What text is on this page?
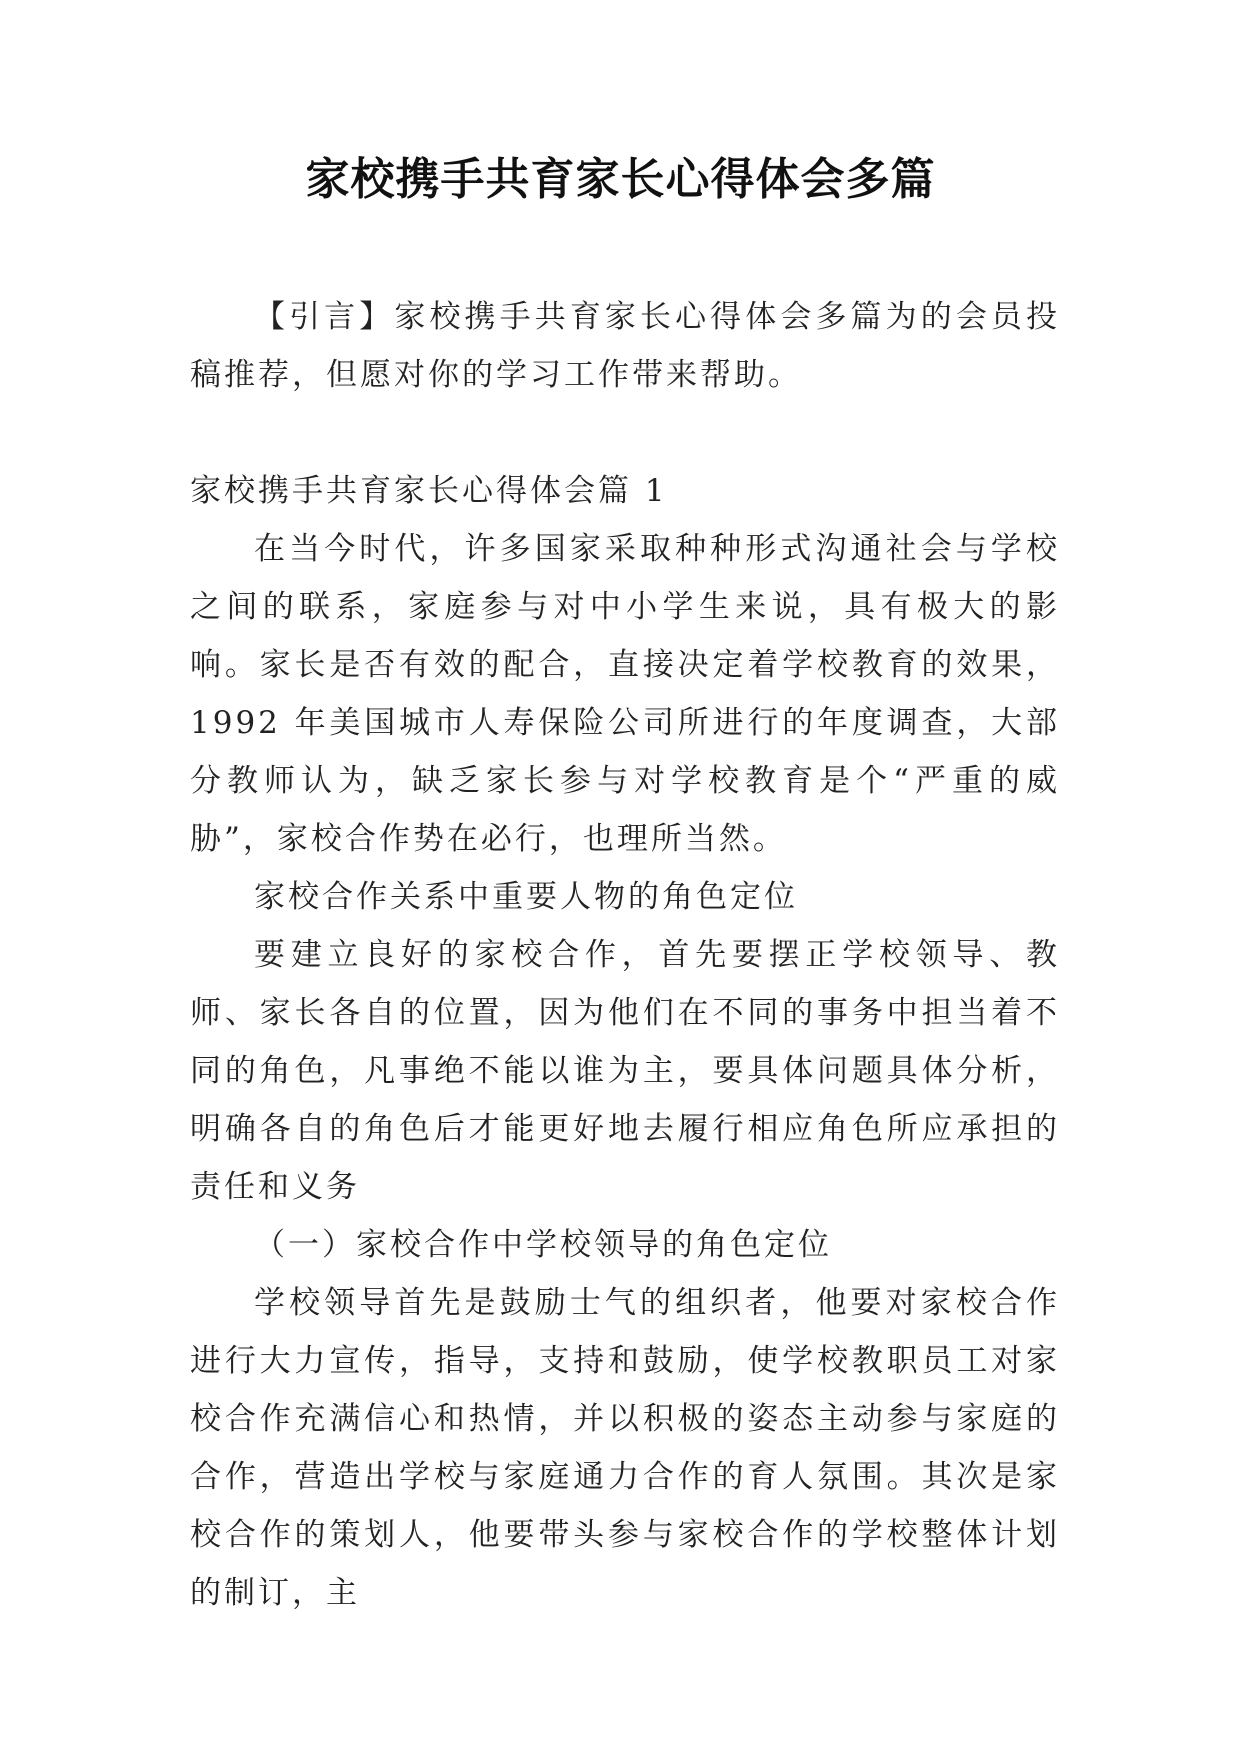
家校携手共育家长心得体会多篇

【引言】家校携手共育家长心得体会多篇为的会员投稿推荐，但愿对你的学习工作带来帮助。

家校携手共育家长心得体会篇 1

在当今时代，许多国家采取种种形式沟通社会与学校之间的联系，家庭参与对中小学生来说，具有极大的影响。家长是否有效的配合，直接决定着学校教育的效果，1992 年美国城市人寿保险公司所进行的年度调查，大部分教师认为，缺乏家长参与对学校教育是个“严重的威胁”，家校合作势在必行，也理所当然。

家校合作关系中重要人物的角色定位

要建立良好的家校合作，首先要摆正学校领导、教师、家长各自的位置，因为他们在不同的事务中担当着不同的角色，凡事绝不能以谁为主，要具体问题具体分析，明确各自的角色后才能更好地去履行相应角色所应承担的责任和义务

（一）家校合作中学校领导的角色定位

学校领导首先是鼓励士气的组织者，他要对家校合作进行大力宣传，指导，支持和鼓励，使学校教职员工对家校合作充满信心和热情，并以积极的姿态主动参与家庭的合作，营造出学校与家庭通力合作的育人氛围。其次是家校合作的策划人，他要带头参与家校合作的学校整体计划的制订，主
